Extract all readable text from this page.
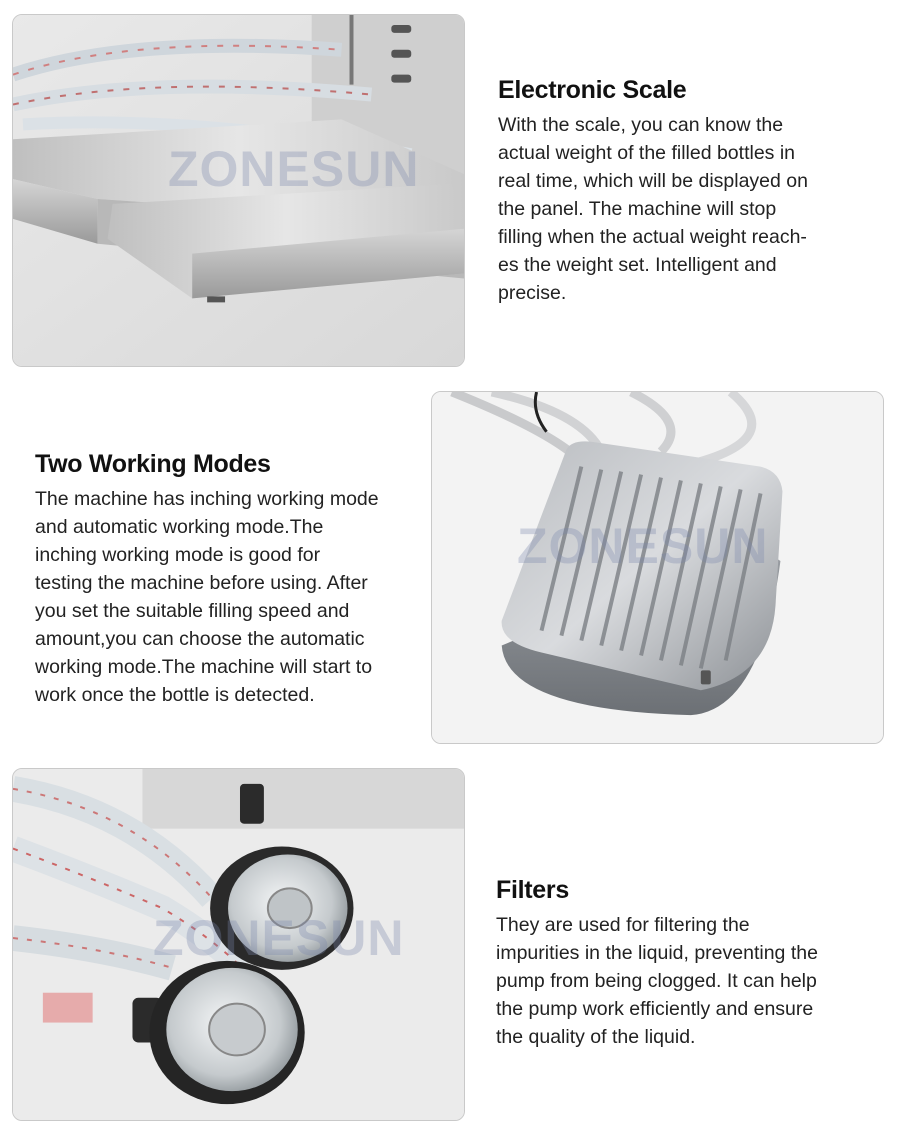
ZONESUN
Electronic Scale

With the scale, you can know the
actual weight of the filled bottles in
real time, which will be displayed on
the panel. The machine will stop
filling when the actual weight reach-
es the weight set. Intelligent and
precise.

Two Working Modes

The machine has inching working mode
and automatic working mode.The
inching working mode is good for
testing the machine before using. After
you set the suitable filling speed and
amount,you can choose the automatic
working mode.The machine will start to
work once the bottle is detected.

ZONESUN
ZONESUN
Filters

They are used for filtering the
impurities in the liquid, preventing the
pump from being clogged. It can help
the pump work efficiently and ensure
the quality of the liquid.
